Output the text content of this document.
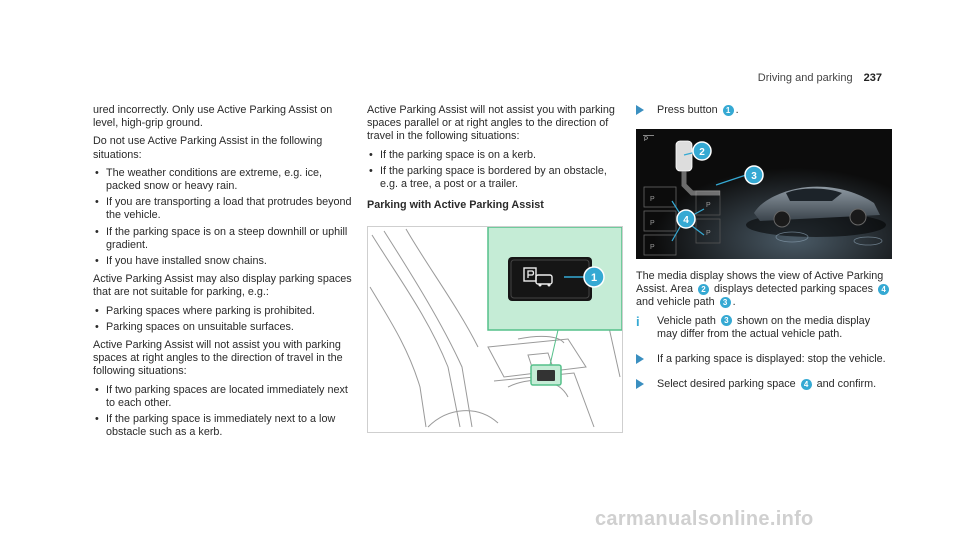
Driving and parking 237

ured incorrectly. Only use Active Parking Assist on level, high-grip ground.

Do not use Active Parking Assist in the following situations:

• The weather conditions are extreme, e.g. ice, packed snow or heavy rain.
• If you are transporting a load that protrudes beyond the vehicle.
• If the parking space is on a steep downhill or uphill gradient.
• If you have installed snow chains.

Active Parking Assist may also display parking spaces that are not suitable for parking, e.g.:

• Parking spaces where parking is prohibited.
• Parking spaces on unsuitable surfaces.

Active Parking Assist will not assist you with parking spaces at right angles to the direction of travel in the following situations:

• If two parking spaces are located immediately next to each other.
• If the parking space is immediately next to a low obstacle such as a kerb.

Active Parking Assist will not assist you with parking spaces parallel or at right angles to the direction of travel in the following situations:

• If the parking space is on a kerb.
• If the parking space is bordered by an obstacle, e.g. a tree, a post or a trailer.
Parking with Active Parking Assist
1
Press button 1 .
P
P
P
P
P
P
2
3
4

The media display shows the view of Active Parking Assist. Area 2 displays detected parking spaces 4 and vehicle path 3 .

i Vehicle path 3 shown on the media display may differ from the actual vehicle path.
If a parking space is displayed: stop the vehicle.
Select desired parking space 4 and confirm.
carmanualsonline.info
